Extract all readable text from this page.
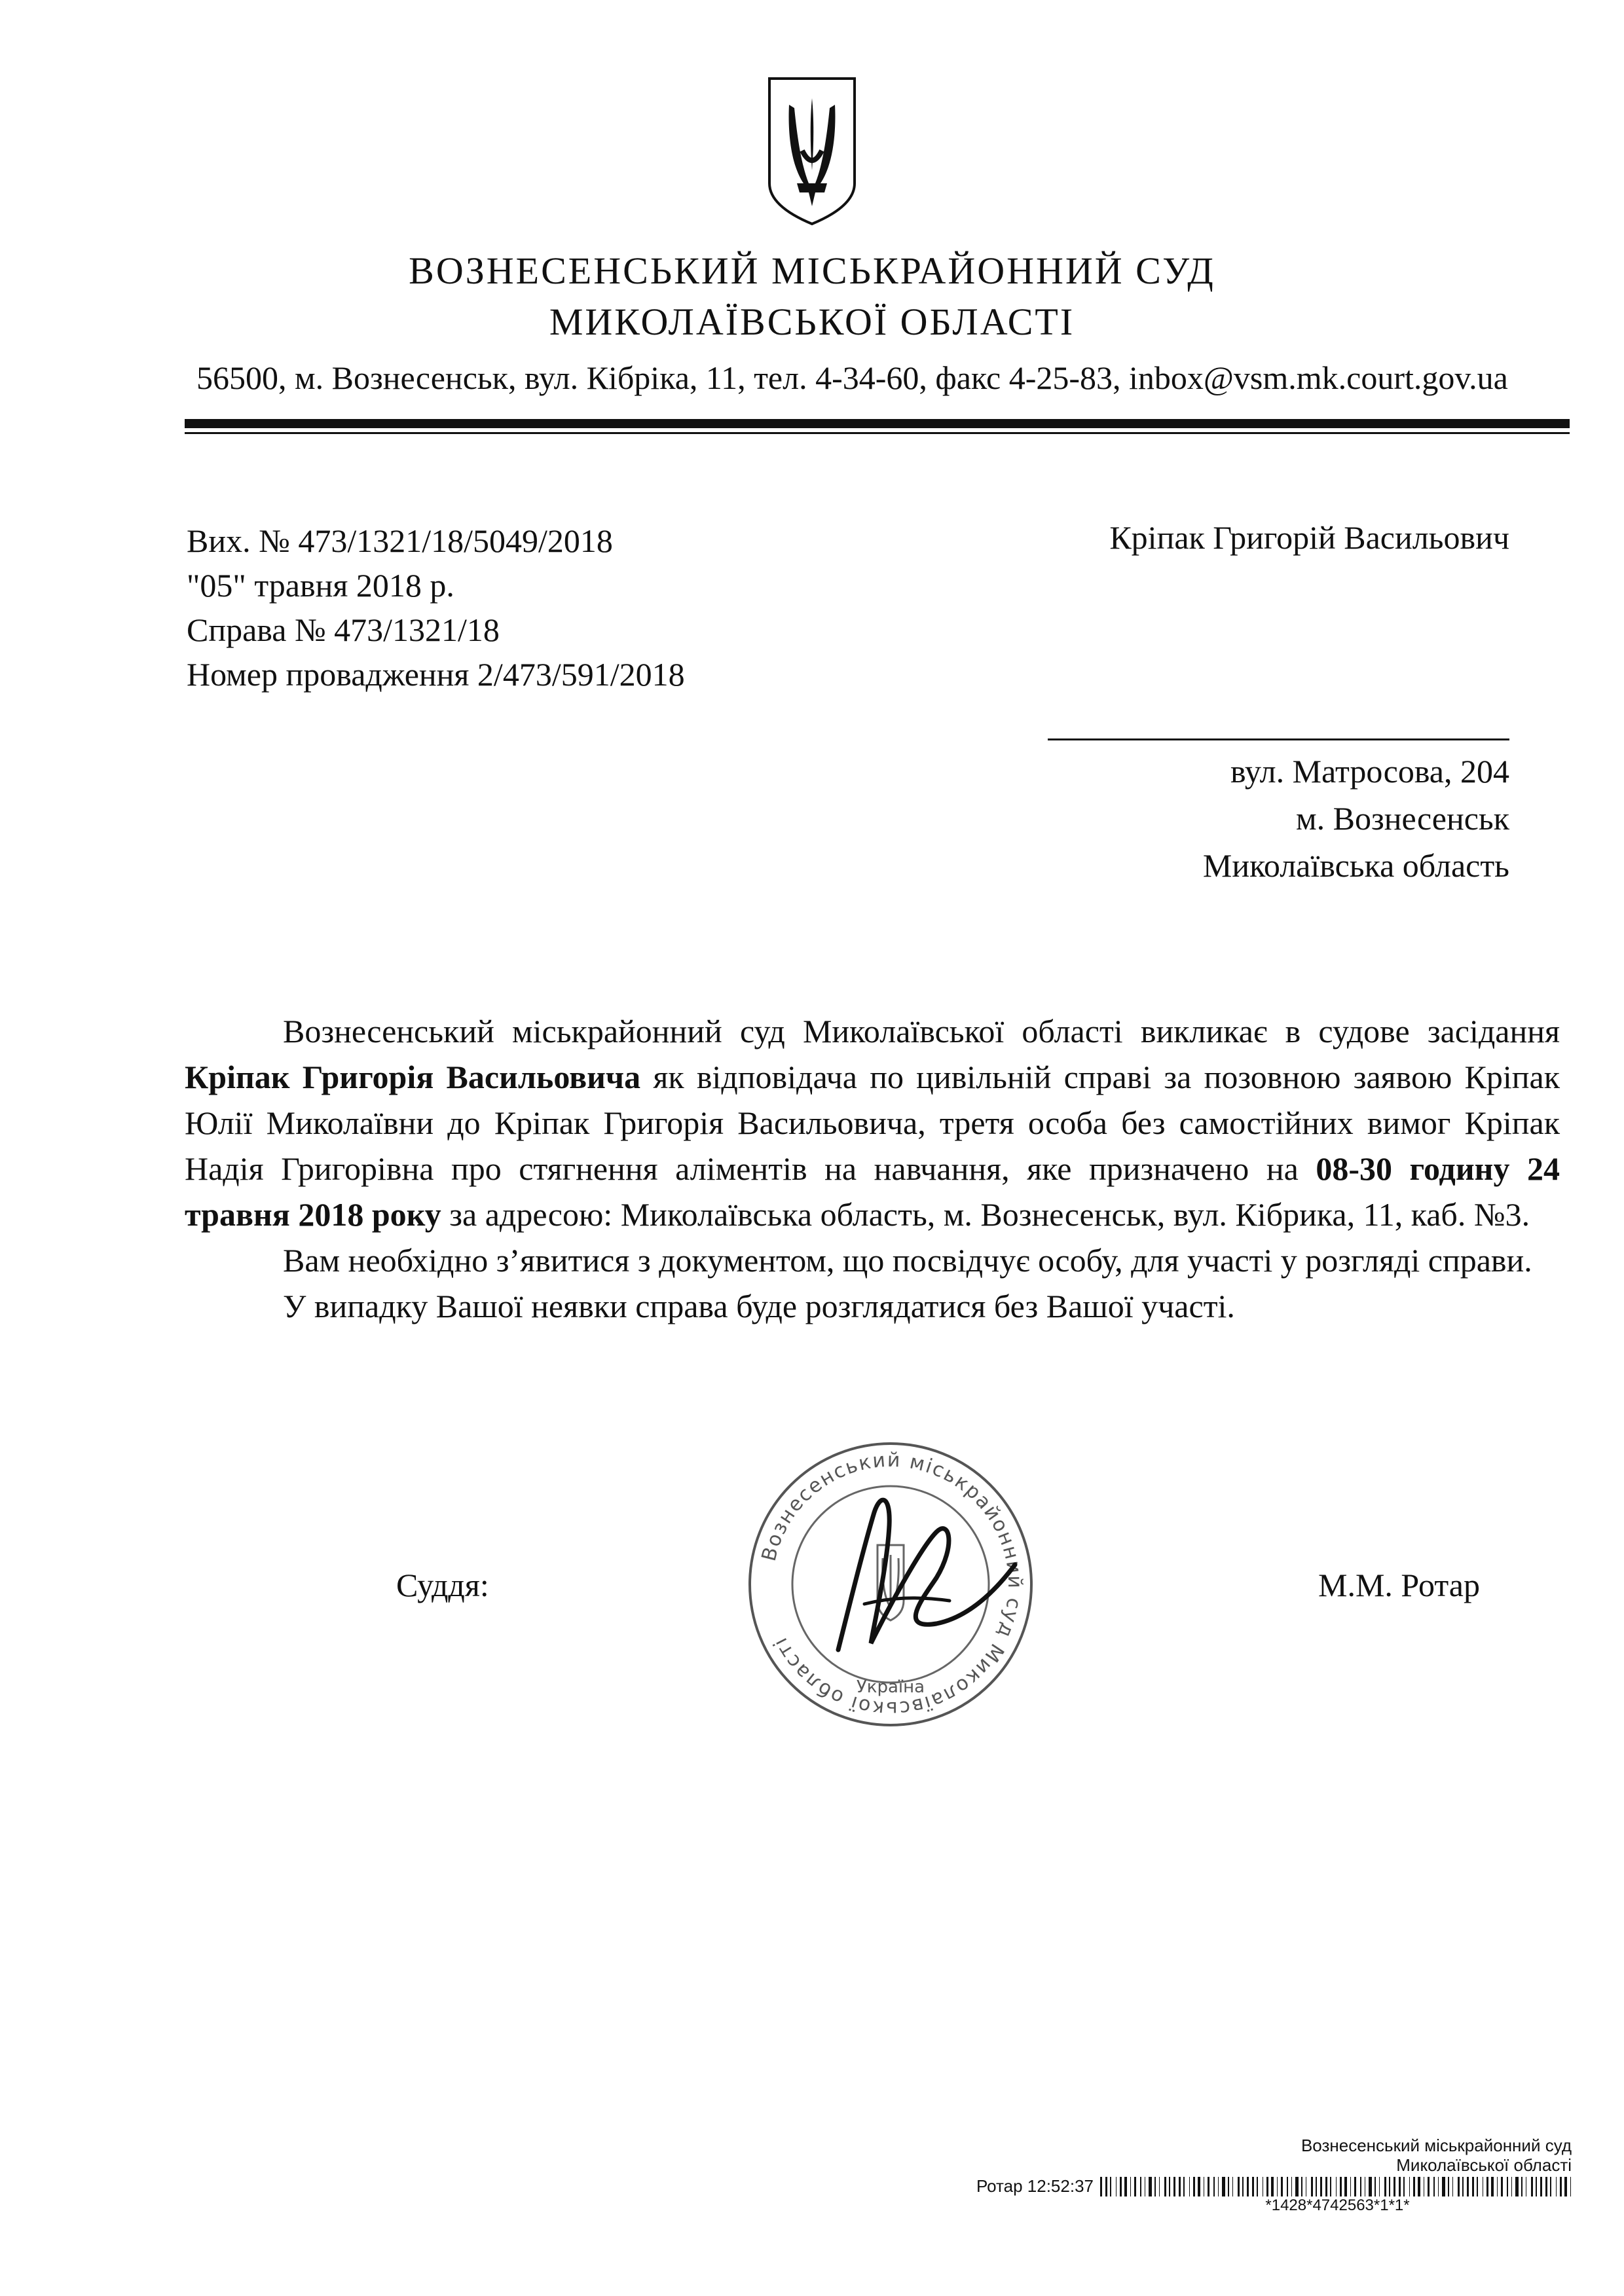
ВОЗНЕСЕНСЬКИЙ МІСЬКРАЙОННИЙ СУД
МИКОЛАЇВСЬКОЇ ОБЛАСТІ
56500, м. Вознесенськ, вул. Кібріка, 11, тел. 4-34-60, факс 4-25-83, inbox@vsm.mk.court.gov.ua
Вих. № 473/1321/18/5049/2018
"05" травня 2018 р.
Справа № 473/1321/18
Номер провадження 2/473/591/2018
Кріпак Григорій Васильович
вул. Матросова, 204
м. Вознесенськ
Миколаївська область

Вознесенський міськрайонний суд Миколаївської області викликає в судове засідання Кріпак Григорія Васильовича як відповідача по цивільній справі за позовною заявою Кріпак Юлії Миколаївни до Кріпак Григорія Васильовича, третя особа без самостійних вимог Кріпак Надія Григорівна про стягнення аліментів на навчання, яке призначено на 08-30 годину 24 травня 2018 року за адресою: Миколаївська область, м. Вознесенськ, вул. Кібрика, 11, каб. №3.

Вам необхідно з’явитися з документом, що посвідчує особу, для участі у розгляді справи.

У випадку Вашої неявки справа буде розглядатися без Вашої участі.

Суддя:	М.М. Ротар
Вознесенський міськрайонний суд Миколаївської області
Україна
Вознесенський міськрайонний суд
Миколаївської області
Ротар 12:52:37
*1428*4742563*1*1*
